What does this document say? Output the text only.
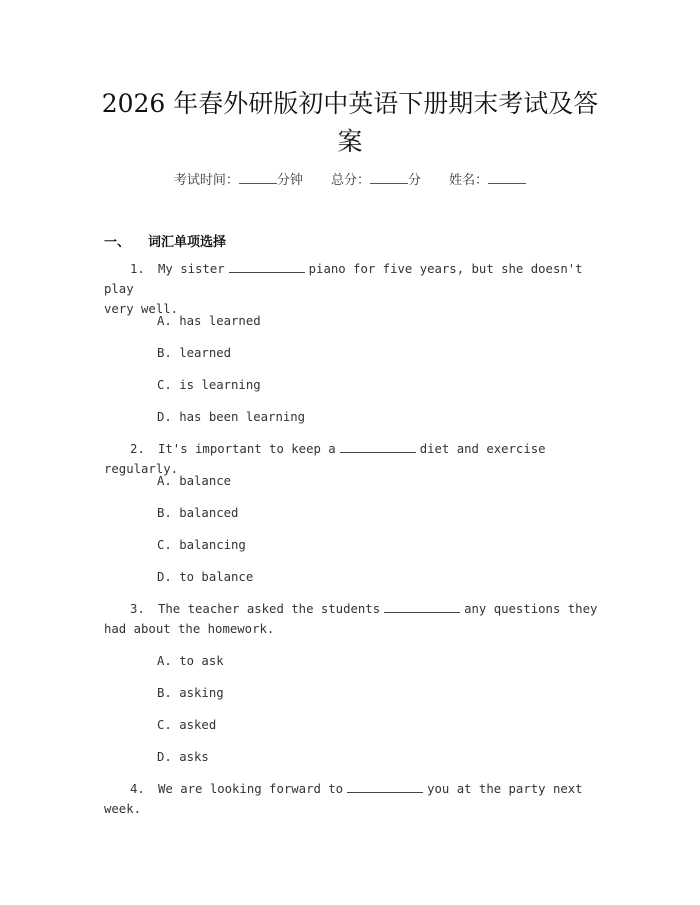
2026 年春外研版初中英语下册期末考试及答
案
考试时间：	分钟 总分：	分 姓名：
一、 词汇单项选择
1. My sister	piano for five years, but she doesn't play
very well.
A. has learned
B. learned
C. is learning
D. has been learning
2. It's important to keep a	diet and exercise regularly.
A. balance
B. balanced
C. balancing
D. to balance
3. The teacher asked the students	any questions they
had about the homework.
A. to ask
B. asking
C. asked
D. asks
4. We are looking forward to	you at the party next week.
